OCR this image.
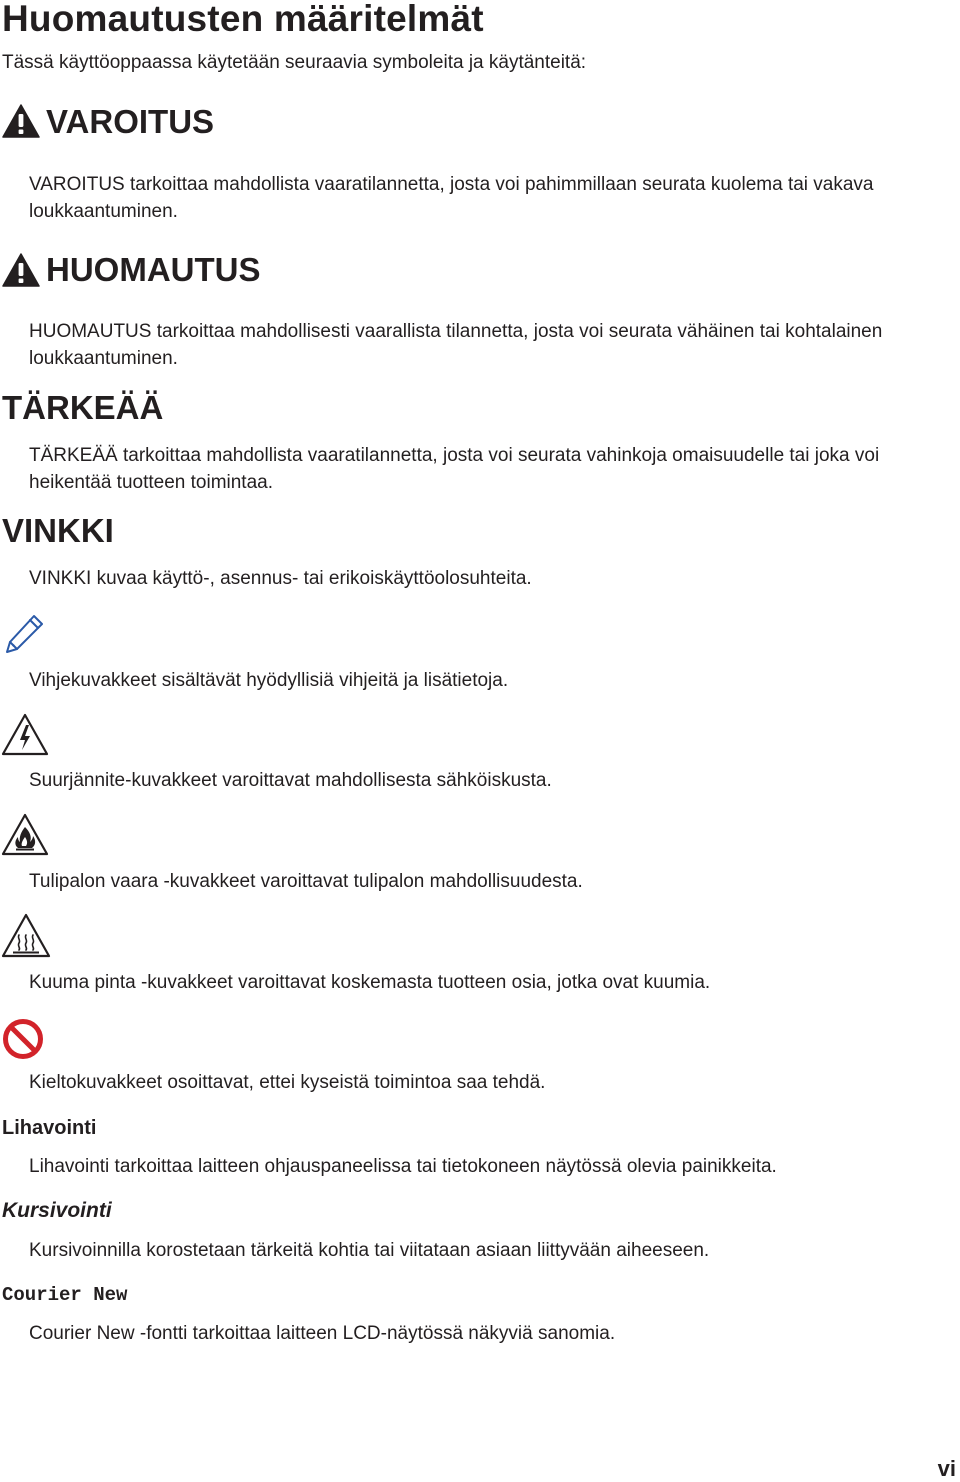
Huomautusten määritelmät
Tässä käyttöoppaassa käytetään seuraavia symboleita ja käytänteitä:
VAROITUS
VAROITUS tarkoittaa mahdollista vaaratilannetta, josta voi pahimmillaan seurata kuolema tai vakava loukkaantuminen.
HUOMAUTUS
HUOMAUTUS tarkoittaa mahdollisesti vaarallista tilannetta, josta voi seurata vähäinen tai kohtalainen loukkaantuminen.
TÄRKEÄÄ
TÄRKEÄÄ tarkoittaa mahdollista vaaratilannetta, josta voi seurata vahinkoja omaisuudelle tai joka voi heikentää tuotteen toimintaa.
VINKKI
VINKKI kuvaa käyttö-, asennus- tai erikoiskäyttöolosuhteita.
Vihjekuvakkeet sisältävät hyödyllisiä vihjeitä ja lisätietoja.
Suurjännite-kuvakkeet varoittavat mahdollisesta sähköiskusta.
Tulipalon vaara -kuvakkeet varoittavat tulipalon mahdollisuudesta.
Kuuma pinta -kuvakkeet varoittavat koskemasta tuotteen osia, jotka ovat kuumia.
Kieltokuvakkeet osoittavat, ettei kyseistä toimintoa saa tehdä.
Lihavointi
Lihavointi tarkoittaa laitteen ohjauspaneelissa tai tietokoneen näytössä olevia painikkeita.
Kursivointi
Kursivoinnilla korostetaan tärkeitä kohtia tai viitataan asiaan liittyvään aiheeseen.
Courier New
Courier New -fontti tarkoittaa laitteen LCD-näytössä näkyviä sanomia.
vi
